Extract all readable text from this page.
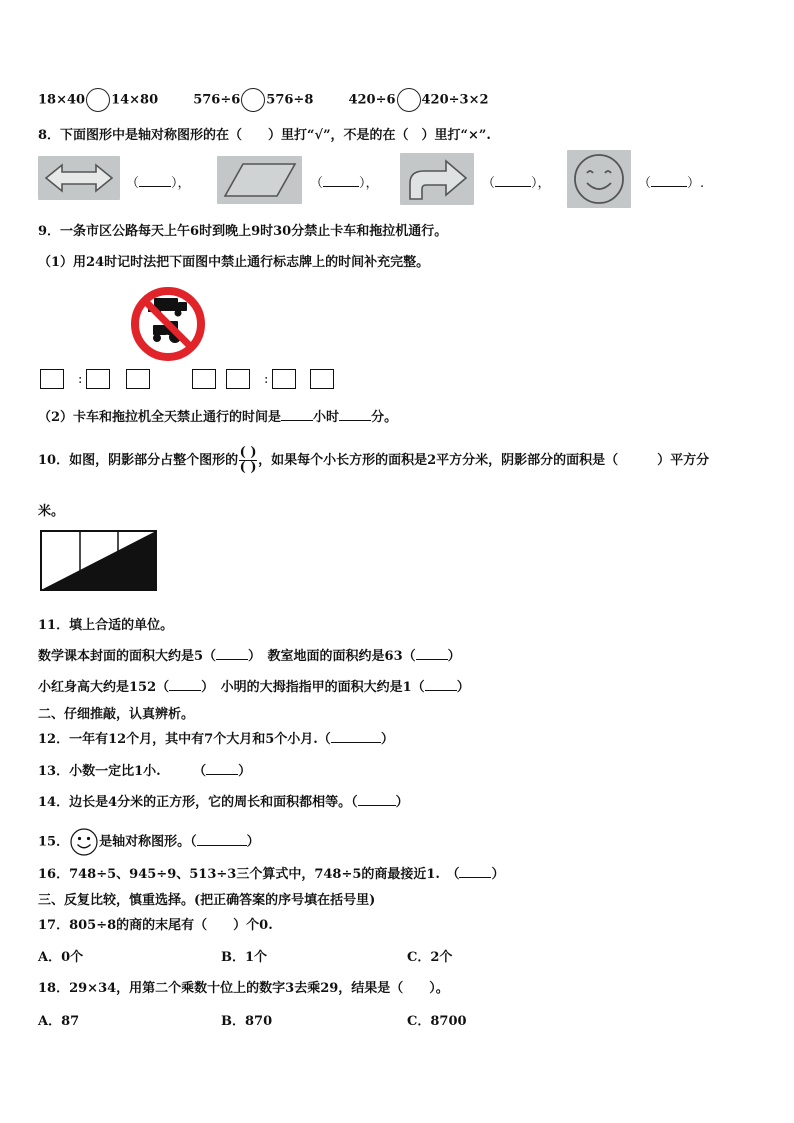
18×40 14×80	576÷6 576÷8	420÷6 420÷3×2
8．下面图形中是轴对称图形的在（　　）里打“√”，不是的在（　）里打“×”.
（ ），	（	），	（	），	（	）.
9．一条市区公路每天上午6时到晚上9时30分禁止卡车和拖拉机通行。
（1）用24时记时法把下面图中禁止通行标志牌上的时间补充完整。
:	:
（2）卡车和拖拉机全天禁止通行的时间是 小时 分。
10．如图，阴影部分占整个图形的 $\frac{( )}{( )}$ ，如果每个小长方形的面积是2平方分米，阴影部分的面积是（　　　）平方分
米。
11．填上合适的单位。
数学课本封面的面积大约是5（ ）　教室地面的面积约是63（ ）
小红身高大约是152（ ）　小明的大拇指指甲的面积大约是1（ ）
二、仔细推敲，认真辨析。
12．一年有12个月，其中有7个大月和5个小月.（	）
13．小数一定比1小.　　　（ ）
14．边长是4分米的正方形，它的周长和面积都相等。（	）
15． 是轴对称图形。（	）
16．748÷5、945÷9、513÷3三个算式中，748÷5的商最接近1.　（ ）
三、反复比较，慎重选择。(把正确答案的序号填在括号里)
17．805÷8的商的末尾有（　　）个0.
A．0个	B．1个	C．2个
18．29×34，用第二个乘数十位上的数字3去乘29，结果是（　　）。
A．87	B．870	C．8700
